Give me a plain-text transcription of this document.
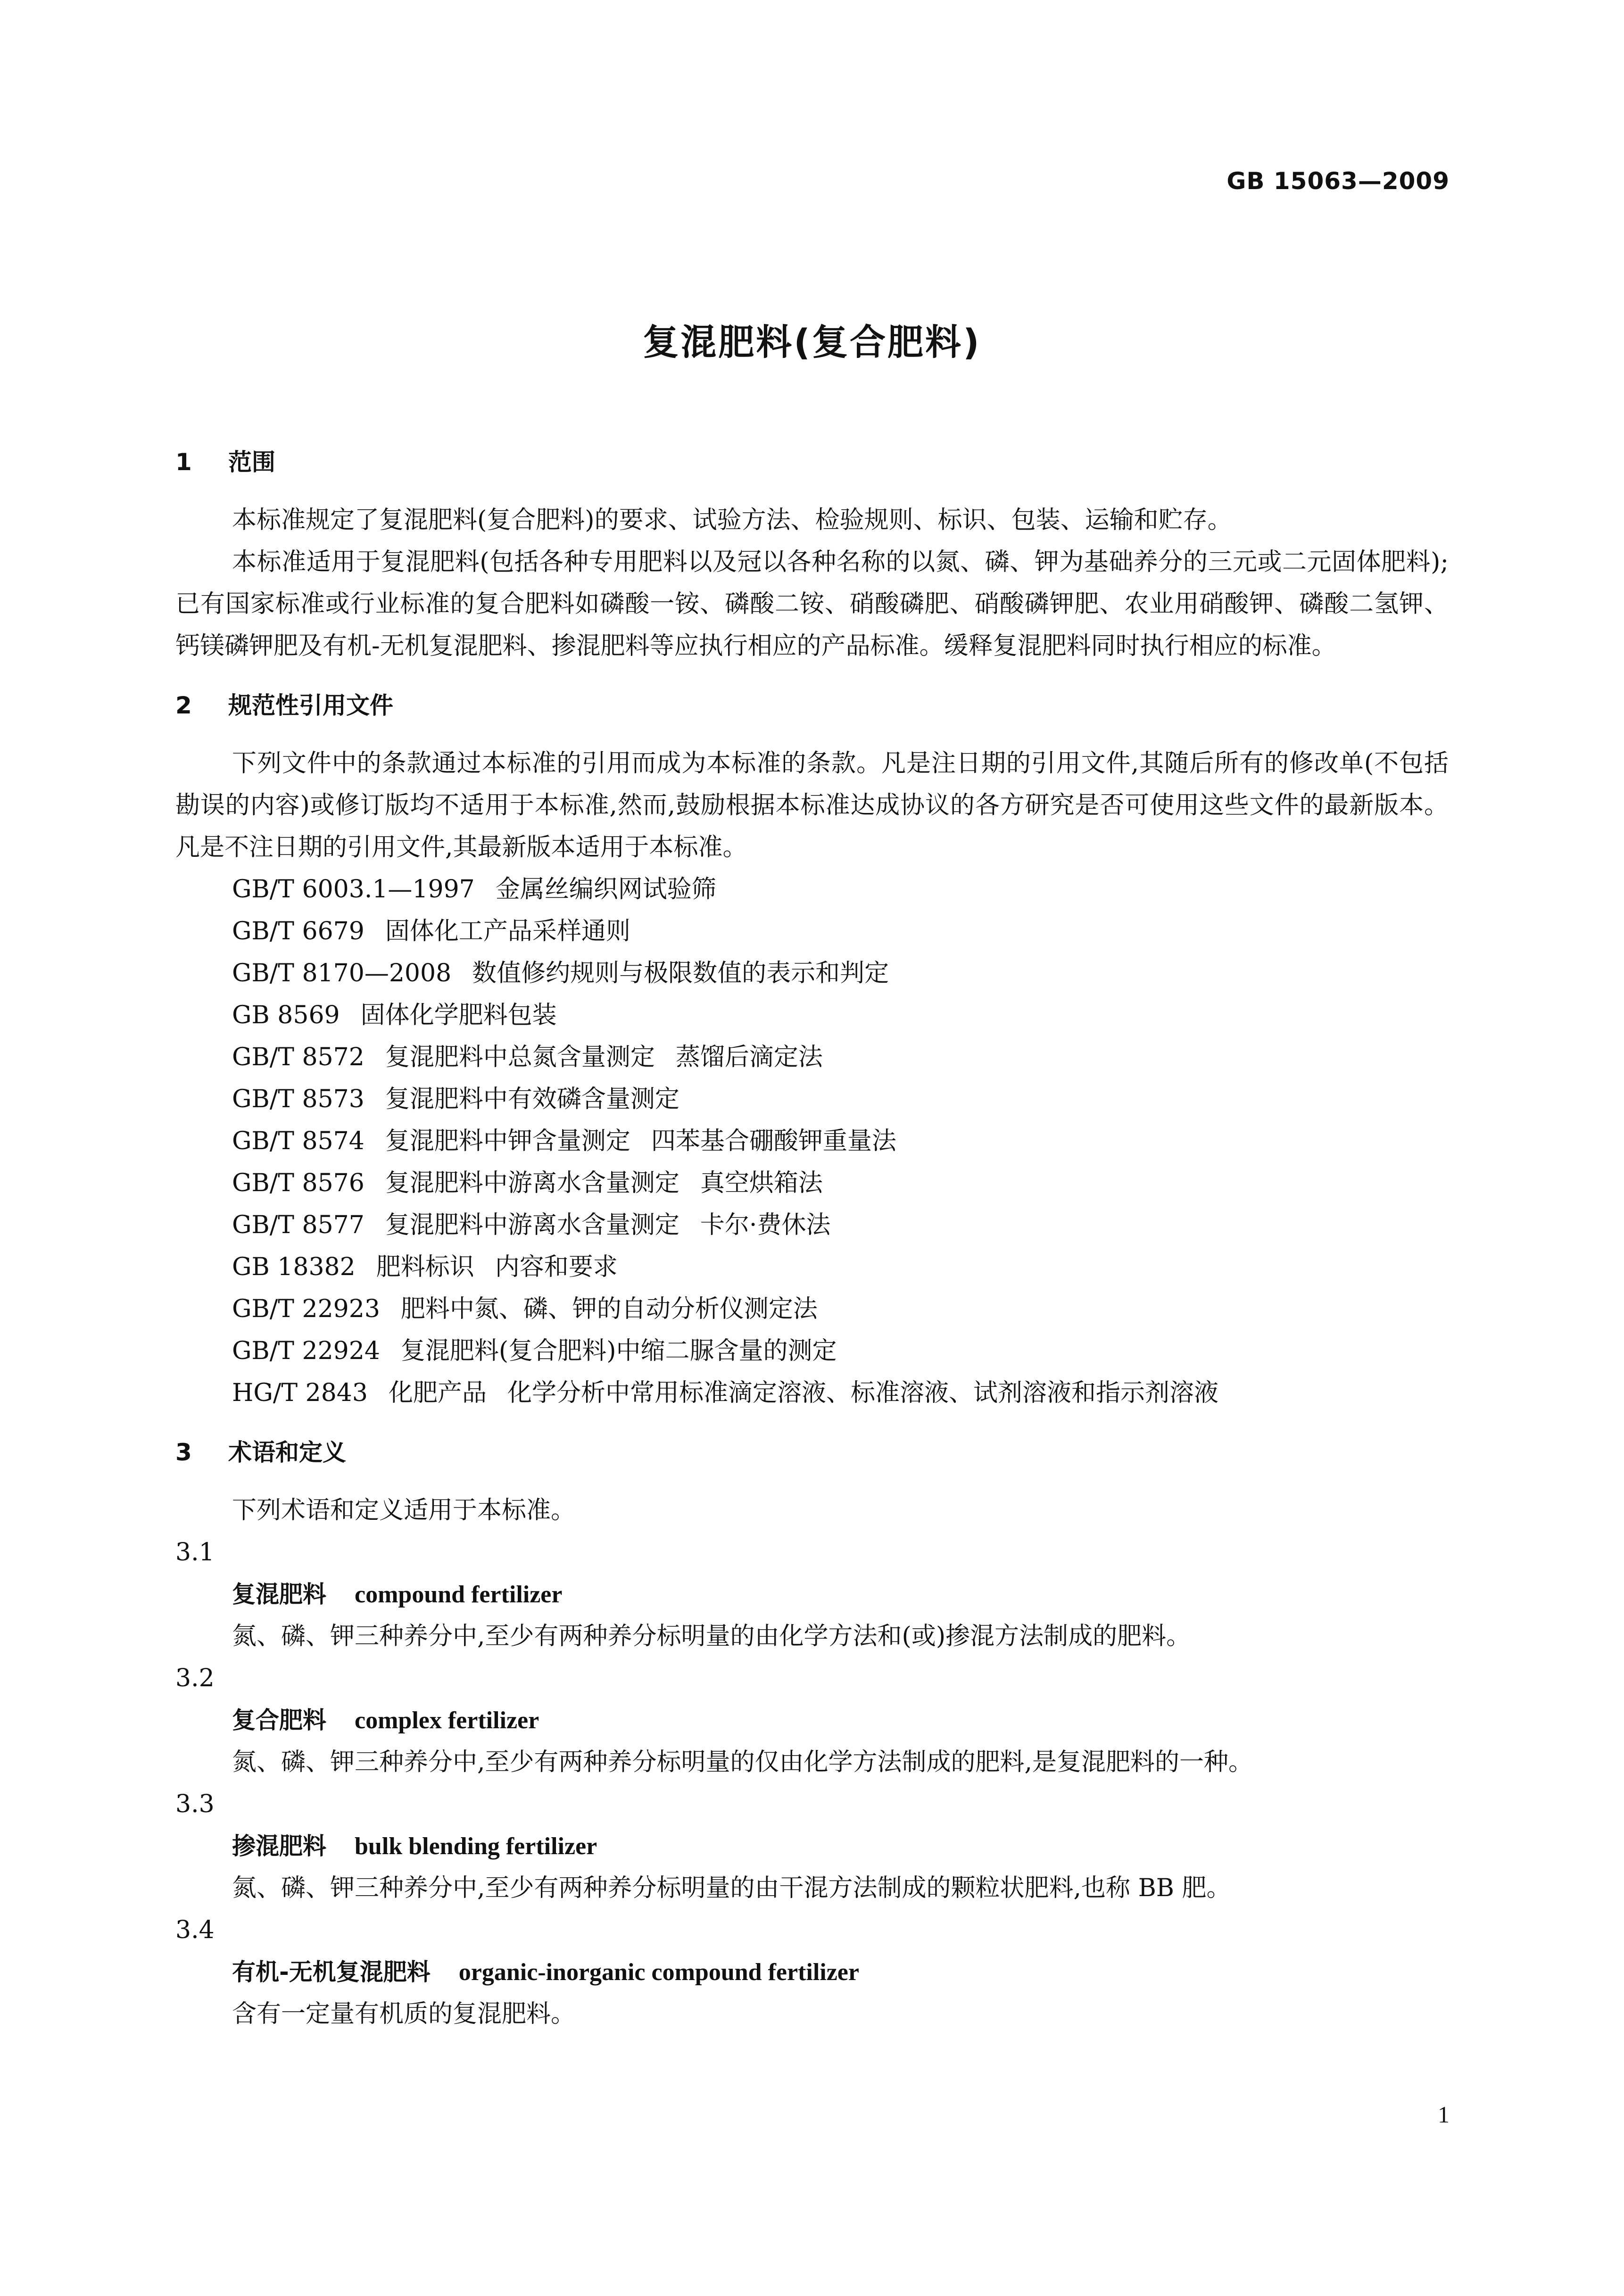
GB 15063—2009
复混肥料(复合肥料)
1 范围

本标准规定了复混肥料(复合肥料)的要求、试验方法、检验规则、标识、包装、运输和贮存。

本标准适用于复混肥料(包括各种专用肥料以及冠以各种名称的以氮、磷、钾为基础养分的三元或二元固体肥料);已有国家标准或行业标准的复合肥料如磷酸一铵、磷酸二铵、硝酸磷肥、硝酸磷钾肥、农业用硝酸钾、磷酸二氢钾、钙镁磷钾肥及有机-无机复混肥料、掺混肥料等应执行相应的产品标准。缓释复混肥料同时执行相应的标准。

2 规范性引用文件

下列文件中的条款通过本标准的引用而成为本标准的条款。凡是注日期的引用文件,其随后所有的修改单(不包括勘误的内容)或修订版均不适用于本标准,然而,鼓励根据本标准达成协议的各方研究是否可使用这些文件的最新版本。凡是不注日期的引用文件,其最新版本适用于本标准。

GB/T 6003.1—1997 金属丝编织网试验筛
GB/T 6679 固体化工产品采样通则
GB/T 8170—2008 数值修约规则与极限数值的表示和判定
GB 8569 固体化学肥料包装
GB/T 8572 复混肥料中总氮含量测定 蒸馏后滴定法
GB/T 8573 复混肥料中有效磷含量测定
GB/T 8574 复混肥料中钾含量测定 四苯基合硼酸钾重量法
GB/T 8576 复混肥料中游离水含量测定 真空烘箱法
GB/T 8577 复混肥料中游离水含量测定 卡尔·费休法
GB 18382 肥料标识 内容和要求
GB/T 22923 肥料中氮、磷、钾的自动分析仪测定法
GB/T 22924 复混肥料(复合肥料)中缩二脲含量的测定
HG/T 2843 化肥产品 化学分析中常用标准滴定溶液、标准溶液、试剂溶液和指示剂溶液
3 术语和定义

下列术语和定义适用于本标准。

3.1

复混肥料 compound fertilizer

氮、磷、钾三种养分中,至少有两种养分标明量的由化学方法和(或)掺混方法制成的肥料。

3.2

复合肥料 complex fertilizer

氮、磷、钾三种养分中,至少有两种养分标明量的仅由化学方法制成的肥料,是复混肥料的一种。

3.3

掺混肥料 bulk blending fertilizer

氮、磷、钾三种养分中,至少有两种养分标明量的由干混方法制成的颗粒状肥料,也称 BB 肥。

3.4

有机-无机复混肥料 organic-inorganic compound fertilizer

含有一定量有机质的复混肥料。

1
